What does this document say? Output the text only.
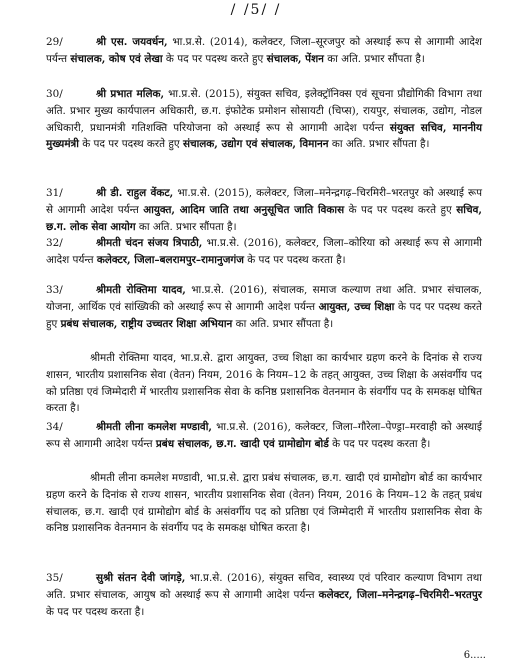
/ /5/ /
29/	श्री एस. जयवर्धन, भा.प्र.से. (2014), कलेक्टर, जिला–सूरजपुर को अस्थाई रूप से आगामी आदेश पर्यन्त संचालक, कोष एवं लेखा के पद पर पदस्थ करते हुए संचालक, पेंशन का अति. प्रभार सौंपता है।
30/	श्री प्रभात मलिक, भा.प्र.से. (2015), संयुक्त सचिव, इलेक्ट्रॉनिक्स एवं सूचना प्रौद्योगिकी विभाग तथा अति. प्रभार मुख्य कार्यपालन अधिकारी, छ.ग. इंफोटेक प्रमोशन सोसायटी (चिप्स), रायपुर, संचालक, उद्योग, नोडल अधिकारी, प्रधानमंत्री गतिशक्ति परियोजना को अस्थाई रूप से आगामी आदेश पर्यन्त संयुक्त सचिव, माननीय मुख्यमंत्री के पद पर पदस्थ करते हुए संचालक, उद्योग एवं संचालक, विमानन का अति. प्रभार सौंपता है।
31/	श्री डी. राहुल वेंकट, भा.प्र.से. (2015), कलेक्टर, जिला–मनेन्द्रगढ़–चिरमिरी–भरतपुर को अस्थाई रूप से आगामी आदेश पर्यन्त आयुक्त, आदिम जाति तथा अनुसूचित जाति विकास के पद पर पदस्थ करते हुए सचिव, छ.ग. लोक सेवा आयोग का अति. प्रभार सौंपता है।
32/	श्रीमती चंदन संजय त्रिपाठी, भा.प्र.से. (2016), कलेक्टर, जिला–कोरिया को अस्थाई रूप से आगामी आदेश पर्यन्त कलेक्टर, जिला–बलरामपुर–रामानुजगंज के पद पर पदस्थ करता है।
33/	श्रीमती रोक्तिमा यादव, भा.प्र.से. (2016), संचालक, समाज कल्याण तथा अति. प्रभार संचालक, योजना, आर्थिक एवं सांख्यिकी को अस्थाई रूप से आगामी आदेश पर्यन्त आयुक्त, उच्च शिक्षा के पद पर पदस्थ करते हुए प्रबंध संचालक, राष्ट्रीय उच्चतर शिक्षा अभियान का अति. प्रभार सौंपता है।
श्रीमती रोक्तिमा यादव, भा.प्र.से. द्वारा आयुक्त, उच्च शिक्षा का कार्यभार ग्रहण करने के दिनांक से राज्य शासन, भारतीय प्रशासनिक सेवा (वेतन) नियम, 2016 के नियम–12 के तहत् आयुक्त, उच्च शिक्षा के असंवर्गीय पद को प्रतिष्ठा एवं जिम्मेदारी में भारतीय प्रशासनिक सेवा के कनिष्ठ प्रशासनिक वेतनमान के संवर्गीय पद के समकक्ष घोषित करता है।
34/	श्रीमती लीना कमलेश मण्डावी, भा.प्र.से. (2016), कलेक्टर, जिला–गौरेला–पेण्ड्रा–मरवाही को अस्थाई रूप से आगामी आदेश पर्यन्त प्रबंध संचालक, छ.ग. खादी एवं ग्रामोद्योग बोर्ड के पद पर पदस्थ करता है।
श्रीमती लीना कमलेश मण्डावी, भा.प्र.से. द्वारा प्रबंध संचालक, छ.ग. खादी एवं ग्रामोद्योग बोर्ड का कार्यभार ग्रहण करने के दिनांक से राज्य शासन, भारतीय प्रशासनिक सेवा (वेतन) नियम, 2016 के नियम–12 के तहत् प्रबंध संचालक, छ.ग. खादी एवं ग्रामोद्योग बोर्ड के असंवर्गीय पद को प्रतिष्ठा एवं जिम्मेदारी में भारतीय प्रशासनिक सेवा के कनिष्ठ प्रशासनिक वेतनमान के संवर्गीय पद के समकक्ष घोषित करता है।
35/	सुश्री संतन देवी जांगड़े, भा.प्र.से. (2016), संयुक्त सचिव, स्वास्थ्य एवं परिवार कल्याण विभाग तथा अति. प्रभार संचालक, आयुष को अस्थाई रूप से आगामी आदेश पर्यन्त कलेक्टर, जिला–मनेन्द्रगढ़–चिरमिरी–भरतपुर के पद पर पदस्थ करता है।
6.....
